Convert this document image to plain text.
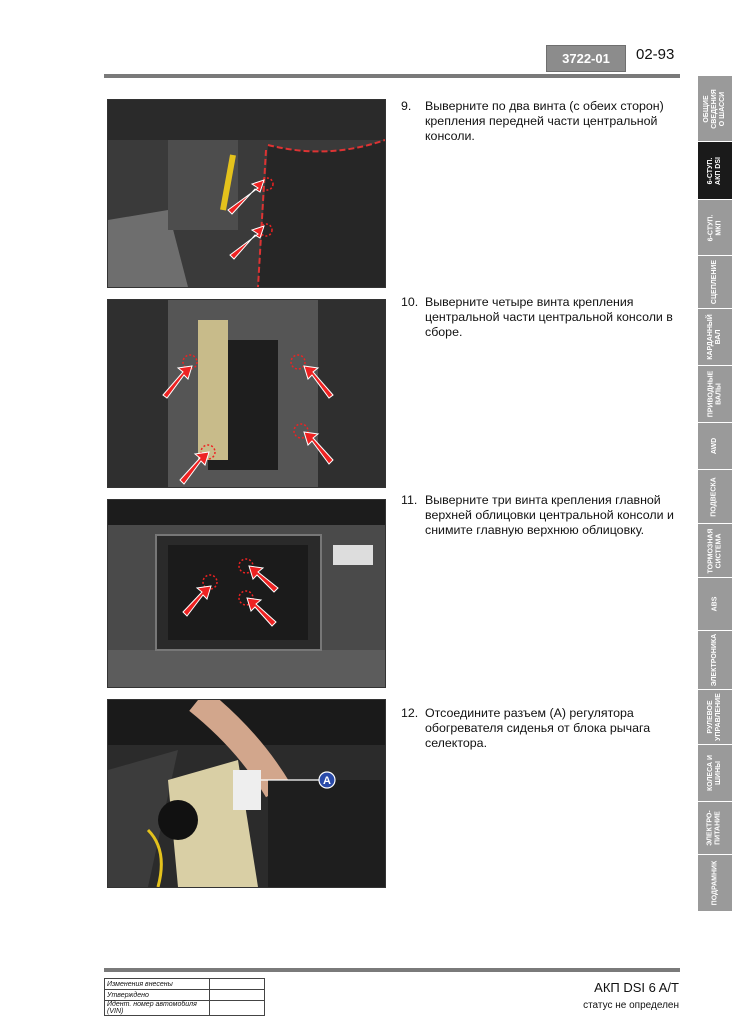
3722-01	02-93
A
9. Выверните по два винта (с обеих сторон) крепления передней части центральной консоли.
10. Выверните четыре винта крепления центральной части центральной консоли в сборе.
11. Выверните три винта крепления главной верхней облицовки центральной консоли и снимите главную верхнюю облицовку.
12. Отсоедините разъем (A) регулятора обогревателя сиденья от блока рычага селектора.
ОБЩИЕ
СВЕДЕНИЯ
О ШАССИ
6-СТУП.
АКП DSI
6-СТУП.
МКП
СЦЕПЛЕНИЕ
КАРДАННЫЙ
ВАЛ
ПРИВОДНЫЕ
ВАЛЫ
AWD
ПОДВЕСКА
ТОРМОЗНАЯ
СИСТЕМА
ABS
ЭЛЕКТРОНИКА
РУЛЕВОЕ
УПРАВЛЕНИЕ
КОЛЕСА И
ШИНЫ
ЭЛЕКТРО-
ПИТАНИЕ
ПОДРАМНИК
Изменения внесены	
Утверждено	
Идент. номер автомобиля (VIN)	
АКП DSI 6 A/T
статус не определен
